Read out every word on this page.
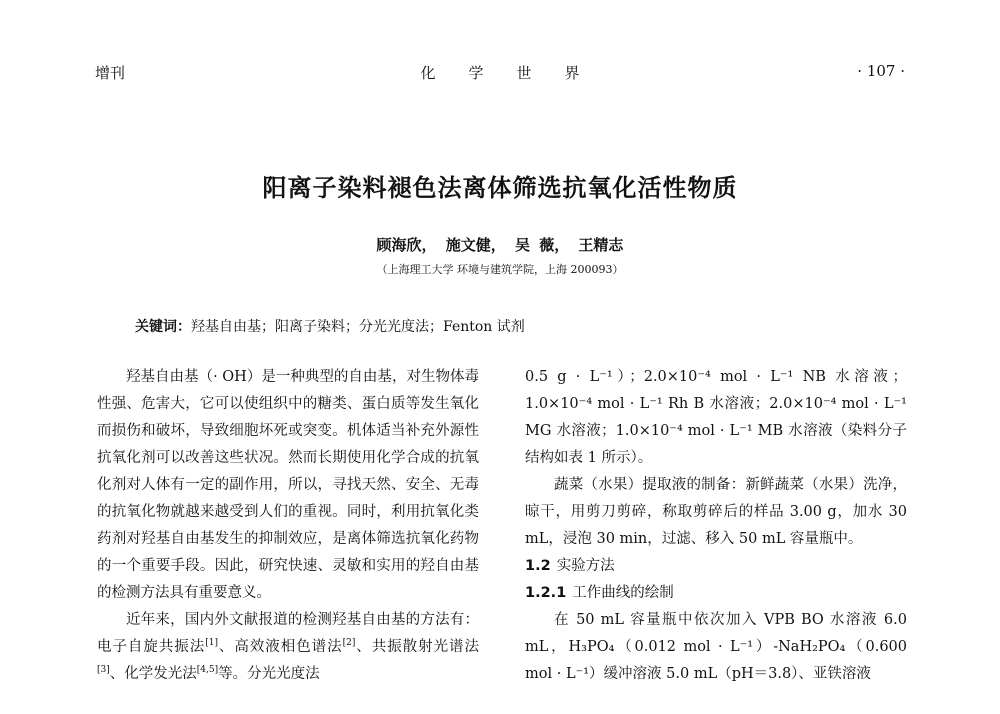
增刊	化学世界	· 107 ·
阳离子染料褪色法离体筛选抗氧化活性物质
顾海欣， 施文健， 吴 薇， 王精志
（上海理工大学 环境与建筑学院，上海 200093）
关键词：羟基自由基；阳离子染料；分光光度法；Fenton 试剂

羟基自由基（· OH）是一种典型的自由基，对生物体毒性强、危害大，它可以使组织中的糖类、蛋白质等发生氧化而损伤和破坏，导致细胞坏死或突变。机体适当补充外源性抗氧化剂可以改善这些状况。然而长期使用化学合成的抗氧化剂对人体有一定的副作用，所以，寻找天然、安全、无毒的抗氧化物就越来越受到人们的重视。同时，利用抗氧化类药剂对羟基自由基发生的抑制效应，是离体筛选抗氧化药物的一个重要手段。因此，研究快速、灵敏和实用的羟自由基的检测方法具有重要意义。

近年来，国内外文献报道的检测羟基自由基的方法有：电子自旋共振法[1]、高效液相色谱法[2]、共振散射光谱法[3]、化学发光法[4,5]等。分光光度法

0.5 g · L⁻¹）；2.0×10⁻⁴ mol · L⁻¹ NB 水溶液；1.0×10⁻⁴ mol · L⁻¹ Rh B 水溶液；2.0×10⁻⁴ mol · L⁻¹ MG 水溶液；1.0×10⁻⁴ mol · L⁻¹ MB 水溶液（染料分子结构如表 1 所示）。

蔬菜（水果）提取液的制备：新鲜蔬菜（水果）洗净，晾干，用剪刀剪碎，称取剪碎后的样品 3.00 g，加水 30 mL，浸泡 30 min，过滤、移入 50 mL 容量瓶中。

1.2 实验方法

1.2.1 工作曲线的绘制

在 50 mL 容量瓶中依次加入 VPB BO 水溶液 6.0 mL，H₃PO₄（0.012 mol · L⁻¹）-NaH₂PO₄（0.600 mol · L⁻¹）缓冲溶液 5.0 mL（pH＝3.8）、亚铁溶液
